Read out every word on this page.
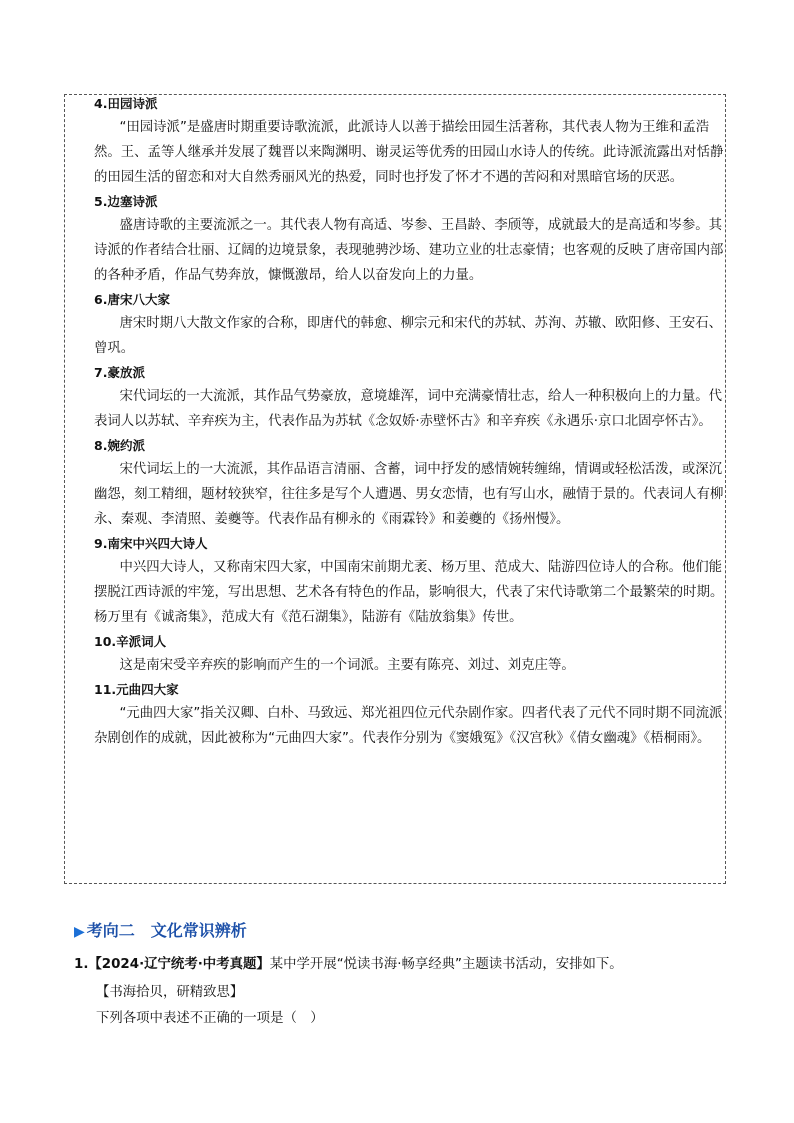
4.田园诗派
“田园诗派”是盛唐时期重要诗歌流派，此派诗人以善于描绘田园生活著称，其代表人物为王维和孟浩然。王、孟等人继承并发展了魏晋以来陶渊明、谢灵运等优秀的田园山水诗人的传统。此诗派流露出对恬静的田园生活的留恋和对大自然秀丽风光的热爱，同时也抒发了怀才不遇的苦闷和对黑暗官场的厌恶。
5.边塞诗派
盛唐诗歌的主要流派之一。其代表人物有高适、岑参、王昌龄、李颀等，成就最大的是高适和岑参。其诗派的作者结合壮丽、辽阔的边境景象，表现驰骋沙场、建功立业的壮志豪情；也客观的反映了唐帝国内部的各种矛盾，作品气势奔放，慷慨激昂，给人以奋发向上的力量。
6.唐宋八大家
唐宋时期八大散文作家的合称，即唐代的韩愈、柳宗元和宋代的苏轼、苏洵、苏辙、欧阳修、王安石、曾巩。
7.豪放派
宋代词坛的一大流派，其作品气势豪放，意境雄浑，词中充满豪情壮志，给人一种积极向上的力量。代表词人以苏轼、辛弃疾为主，代表作品为苏轼《念奴娇·赤壁怀古》和辛弃疾《永遇乐·京口北固亭怀古》。
8.婉约派
宋代词坛上的一大流派，其作品语言清丽、含蓄，词中抒发的感情婉转缠绵，情调或轻松活泼，或深沉幽怨，刻工精细，题材较狭窄，往往多是写个人遭遇、男女恋情，也有写山水，融情于景的。代表词人有柳永、秦观、李清照、姜夔等。代表作品有柳永的《雨霖铃》和姜夔的《扬州慢》。
9.南宋中兴四大诗人
中兴四大诗人，又称南宋四大家，中国南宋前期尤袤、杨万里、范成大、陆游四位诗人的合称。他们能摆脱江西诗派的牢笼，写出思想、艺术各有特色的作品，影响很大，代表了宋代诗歌第二个最繁荣的时期。杨万里有《诚斋集》，范成大有《范石湖集》，陆游有《陆放翁集》传世。
10.辛派词人
这是南宋受辛弃疾的影响而产生的一个词派。主要有陈亮、刘过、刘克庄等。
11.元曲四大家
“元曲四大家”指关汉卿、白朴、马致远、郑光祖四位元代杂剧作家。四者代表了元代不同时期不同流派杂剧创作的成就，因此被称为“元曲四大家”。代表作分别为《窦娥冤》《汉宫秋》《倩女幽魂》《梧桐雨》。
▶ 考向二　文化常识辨析
1.【2024·辽宁统考·中考真题】某中学开展“悦读书海·畅享经典”主题读书活动，安排如下。
【书海拾贝，研精致思】
下列各项中表述不正确的一项是（　）
